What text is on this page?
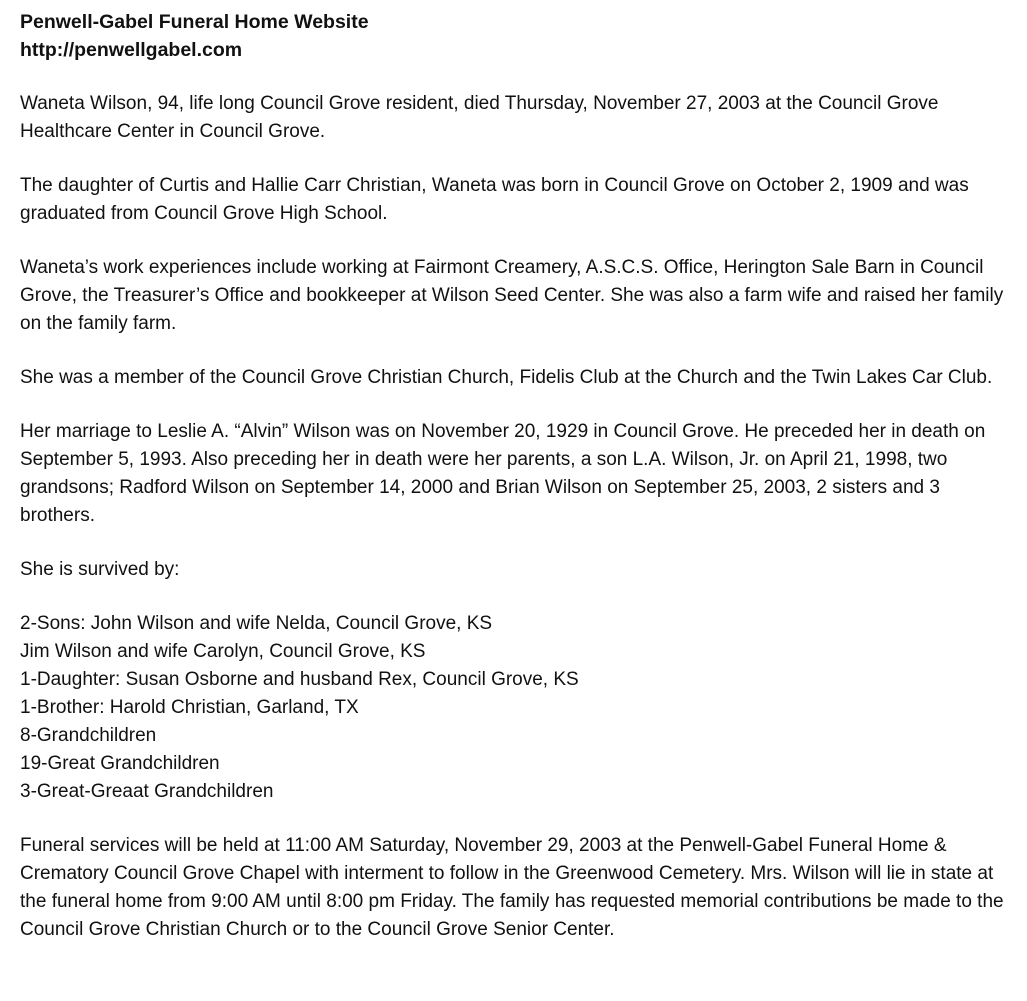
Penwell-Gabel Funeral Home Website
http://penwellgabel.com

Waneta Wilson, 94, life long Council Grove resident, died Thursday, November 27, 2003 at the Council Grove Healthcare Center in Council Grove.

The daughter of Curtis and Hallie Carr Christian, Waneta was born in Council Grove on October 2, 1909 and was graduated from Council Grove High School.

Waneta’s work experiences include working at Fairmont Creamery, A.S.C.S. Office, Herington Sale Barn in Council Grove, the Treasurer’s Office and bookkeeper at Wilson Seed Center. She was also a farm wife and raised her family on the family farm.

She was a member of the Council Grove Christian Church, Fidelis Club at the Church and the Twin Lakes Car Club.

Her marriage to Leslie A. “Alvin” Wilson was on November 20, 1929 in Council Grove. He preceded her in death on September 5, 1993. Also preceding her in death were her parents, a son L.A. Wilson, Jr. on April 21, 1998, two grandsons; Radford Wilson on September 14, 2000 and Brian Wilson on September 25, 2003, 2 sisters and 3 brothers.

She is survived by:

2-Sons: John Wilson and wife Nelda, Council Grove, KS
Jim Wilson and wife Carolyn, Council Grove, KS
1-Daughter: Susan Osborne and husband Rex, Council Grove, KS
1-Brother: Harold Christian, Garland, TX
8-Grandchildren
19-Great Grandchildren
3-Great-Greaat Grandchildren

Funeral services will be held at 11:00 AM Saturday, November 29, 2003 at the Penwell-Gabel Funeral Home & Crematory Council Grove Chapel with interment to follow in the Greenwood Cemetery. Mrs. Wilson will lie in state at the funeral home from 9:00 AM until 8:00 pm Friday. The family has requested memorial contributions be made to the Council Grove Christian Church or to the Council Grove Senior Center.
